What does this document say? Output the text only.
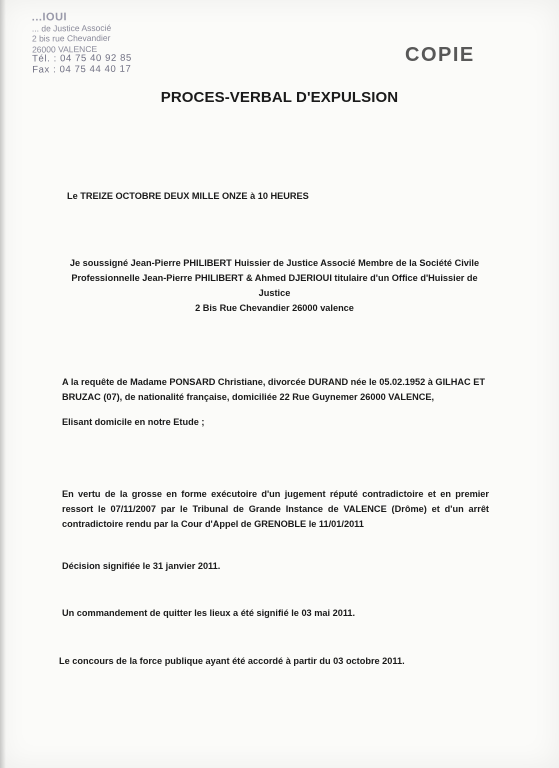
...IOUI
... de Justice Associé
2 bis rue Chevandier
26000 VALENCE
Tél. : 04 75 40 92 85
Fax : 04 75 44 40 17
COPIE
PROCES-VERBAL D'EXPULSION
Le TREIZE OCTOBRE DEUX MILLE ONZE à 10 HEURES
Je soussigné Jean-Pierre PHILIBERT Huissier de Justice Associé Membre de la Société Civile
Professionnelle Jean-Pierre PHILIBERT & Ahmed DJERIOUI titulaire d'un Office d'Huissier de Justice
2 Bis Rue Chevandier 26000 valence
A la requête de Madame PONSARD Christiane, divorcée DURAND née le 05.02.1952 à GILHAC ET
BRUZAC (07), de nationalité française, domiciliée 22 Rue Guynemer 26000 VALENCE,
Elisant domicile en notre Etude ;
En vertu de la grosse en forme exécutoire d'un jugement réputé contradictoire et en premier ressort le 07/11/2007 par le Tribunal de Grande Instance de VALENCE (Drôme) et d'un arrêt contradictoire rendu par la Cour d'Appel de GRENOBLE le 11/01/2011
Décision signifiée le 31 janvier 2011.
Un commandement de quitter les lieux a été signifié le 03 mai 2011.
Le concours de la force publique ayant été accordé à partir du 03 octobre 2011.
